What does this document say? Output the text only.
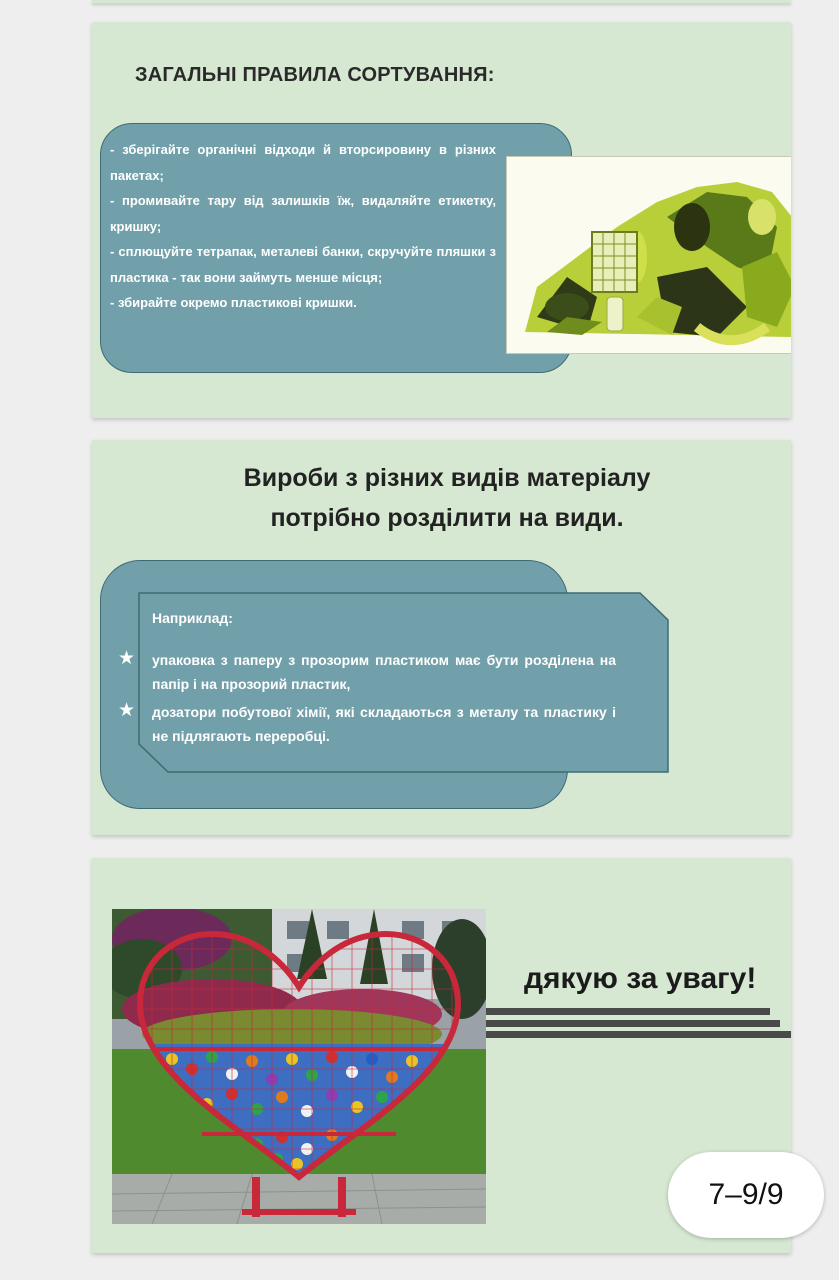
ЗАГАЛЬНІ ПРАВИЛА СОРТУВАННЯ:

- зберігайте органічні відходи й вторсировину в різних пакетах;

- промивайте тару від залишків їж, видаляйте етикетку, кришку;

- сплющуйте тетрапак, металеві банки, скручуйте пляшки з пластика - так вони займуть менше місця;

- збирайте окремо пластикові кришки.

Вироби з різних видів матеріалу
потрібно розділити на види.

Наприклад:

★ упаковка з паперу з прозорим пластиком має бути розділена на папір і на прозорий пластик,

★ дозатори побутової хімії, які складаються з металу та пластику і не підлягають переробці.

дякую за увагу!
7–9/9
